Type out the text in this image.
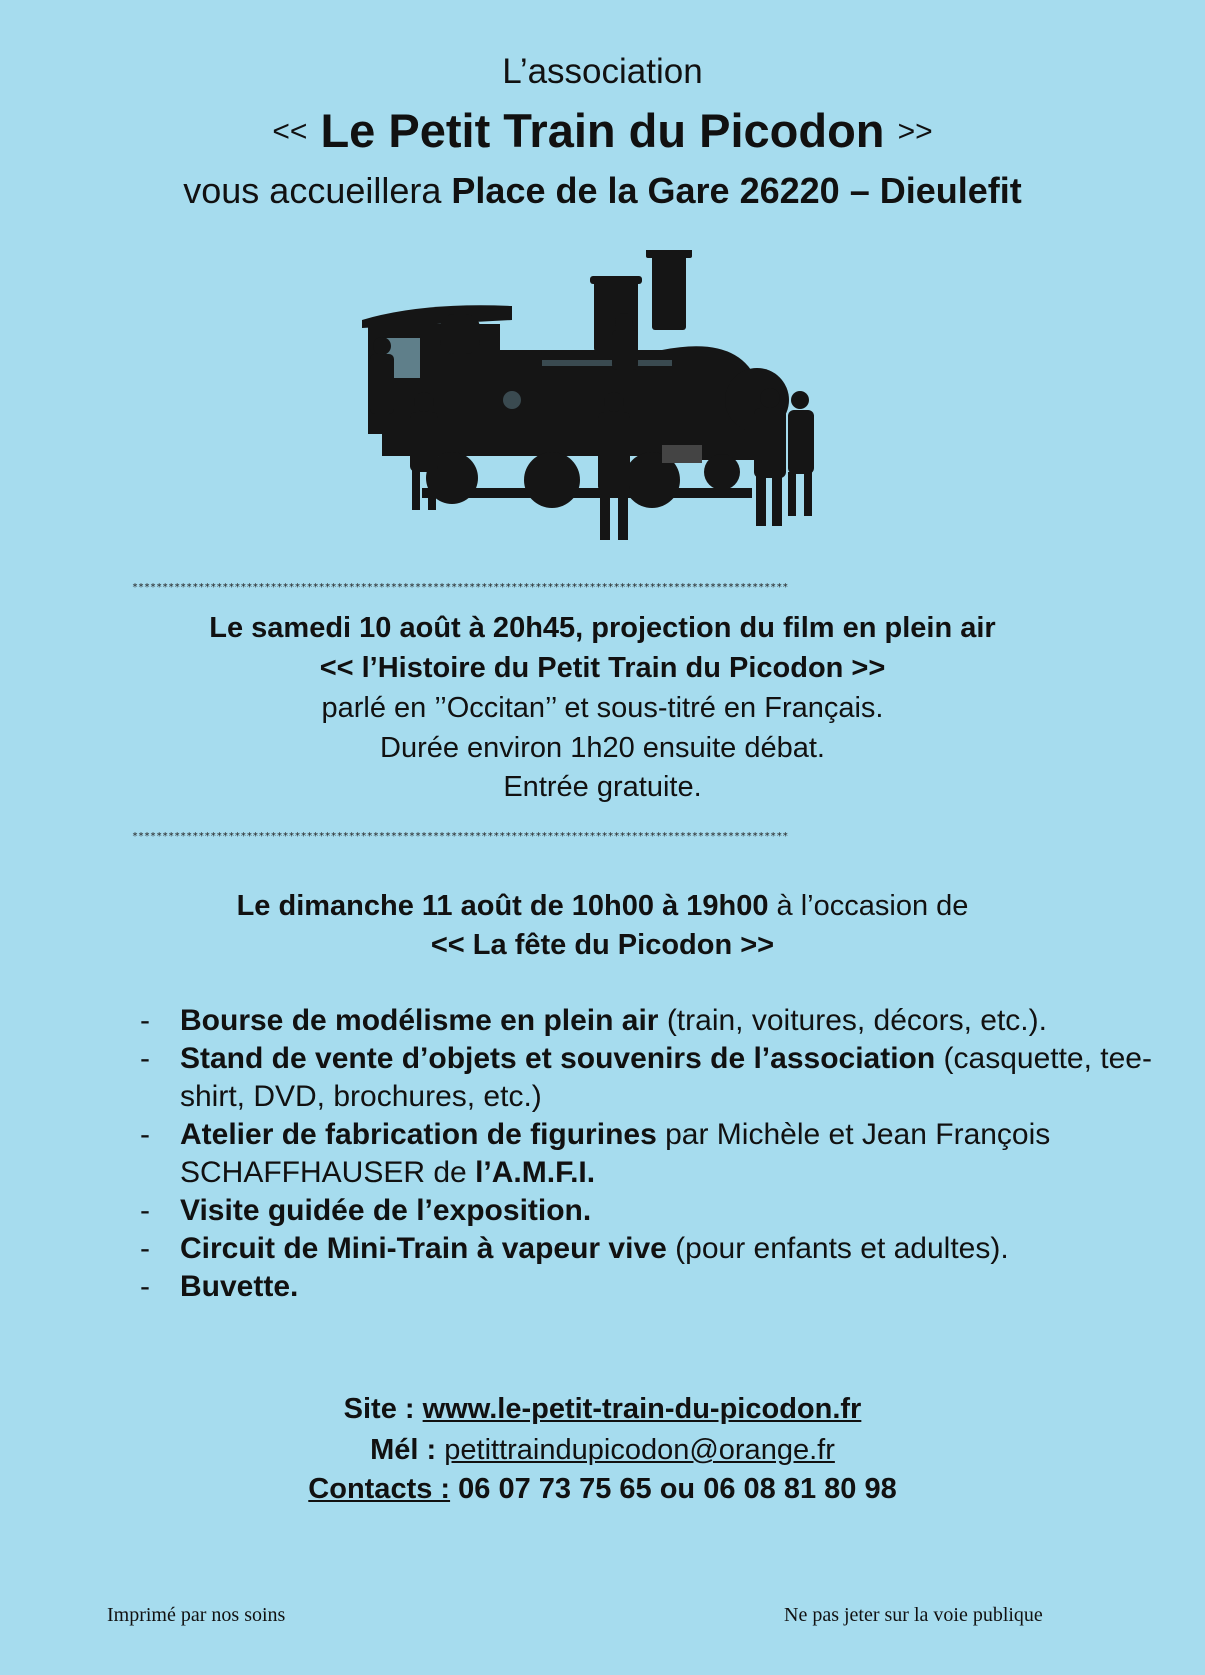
L’association
<< Le Petit Train du Picodon >>
vous accueillera Place de la Gare 26220 – Dieulefit
*************************************************************************************************************
Le samedi 10 août à 20h45, projection du film en plein air
<< l’Histoire du Petit Train du Picodon >>
parlé en ’’Occitan’’ et sous-titré en Français.
Durée environ 1h20 ensuite débat.
Entrée gratuite.
*************************************************************************************************************
Le dimanche 11 août de 10h00 à 19h00 à l’occasion de
<< La fête du Picodon >>
-	Bourse de modélisme en plein air (train, voitures, décors, etc.).
-	Stand de vente d’objets et souvenirs de l’association (casquette, tee-shirt, DVD, brochures, etc.)
-	Atelier de fabrication de figurines par Michèle et Jean François SCHAFFHAUSER de l’A.M.F.I.
-	Visite guidée de l’exposition.
-	Circuit de Mini-Train à vapeur vive (pour enfants et adultes).
-	Buvette.
Site : www.le-petit-train-du-picodon.fr
Mél : petittraindupicodon@orange.fr
Contacts : 06 07 73 75 65 ou 06 08 81 80 98
Imprimé par nos soins	Ne pas jeter sur la voie publique
